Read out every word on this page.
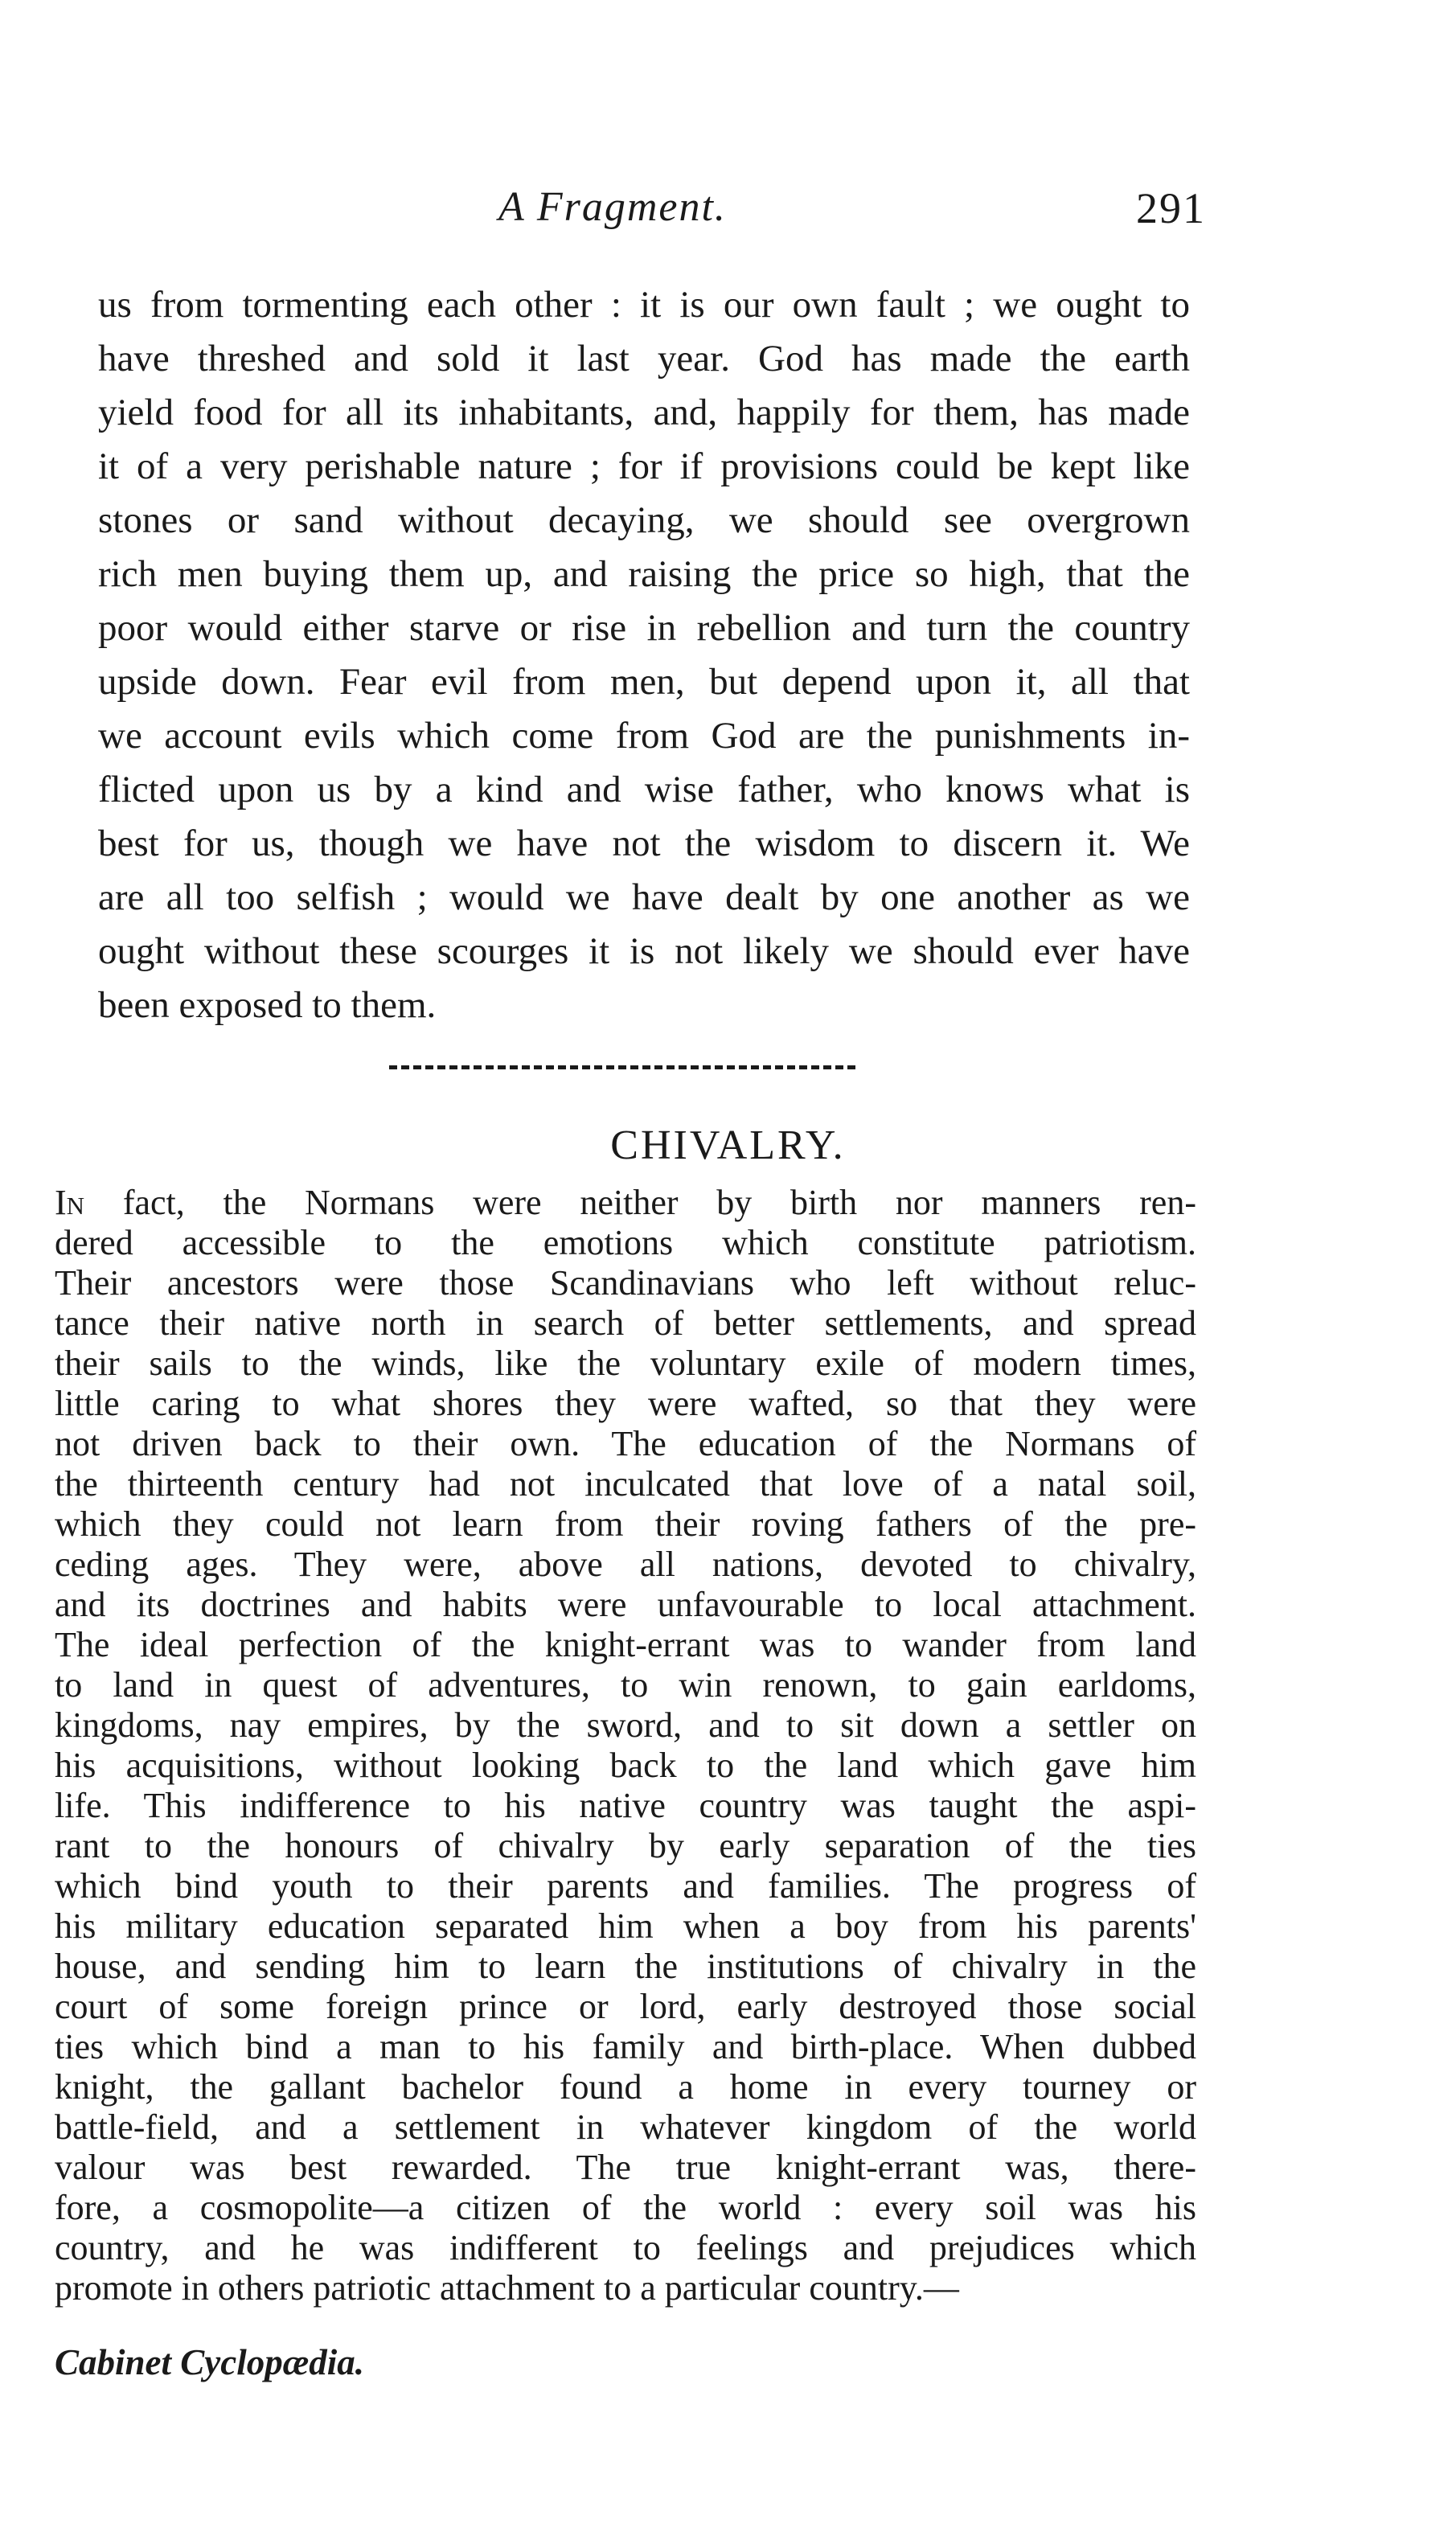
A Fragment.	291
us from tormenting each other : it is our own fault ; we ought to
have threshed and sold it last year. God has made the earth
yield food for all its inhabitants, and, happily for them, has made
it of a very perishable nature ; for if provisions could be kept like
stones or sand without decaying, we should see overgrown
rich men buying them up, and raising the price so high, that the
poor would either starve or rise in rebellion and turn the country
upside down. Fear evil from men, but depend upon it, all that
we account evils which come from God are the punishments in-
flicted upon us by a kind and wise father, who knows what is
best for us, though we have not the wisdom to discern it. We
are all too selfish ; would we have dealt by one another as we
ought without these scourges it is not likely we should ever have
been exposed to them.
CHIVALRY.
In fact, the Normans were neither by birth nor manners ren-
dered accessible to the emotions which constitute patriotism.
Their ancestors were those Scandinavians who left without reluc-
tance their native north in search of better settlements, and spread
their sails to the winds, like the voluntary exile of modern times,
little caring to what shores they were wafted, so that they were
not driven back to their own. The education of the Normans of
the thirteenth century had not inculcated that love of a natal soil,
which they could not learn from their roving fathers of the pre-
ceding ages. They were, above all nations, devoted to chivalry,
and its doctrines and habits were unfavourable to local attachment.
The ideal perfection of the knight-errant was to wander from land
to land in quest of adventures, to win renown, to gain earldoms,
kingdoms, nay empires, by the sword, and to sit down a settler on
his acquisitions, without looking back to the land which gave him
life. This indifference to his native country was taught the aspi-
rant to the honours of chivalry by early separation of the ties
which bind youth to their parents and families. The progress of
his military education separated him when a boy from his parents'
house, and sending him to learn the institutions of chivalry in the
court of some foreign prince or lord, early destroyed those social
ties which bind a man to his family and birth-place. When dubbed
knight, the gallant bachelor found a home in every tourney or
battle-field, and a settlement in whatever kingdom of the world
valour was best rewarded. The true knight-errant was, there-
fore, a cosmopolite—a citizen of the world : every soil was his
country, and he was indifferent to feelings and prejudices which
promote in others patriotic attachment to a particular country.—
Cabinet Cyclopædia.
